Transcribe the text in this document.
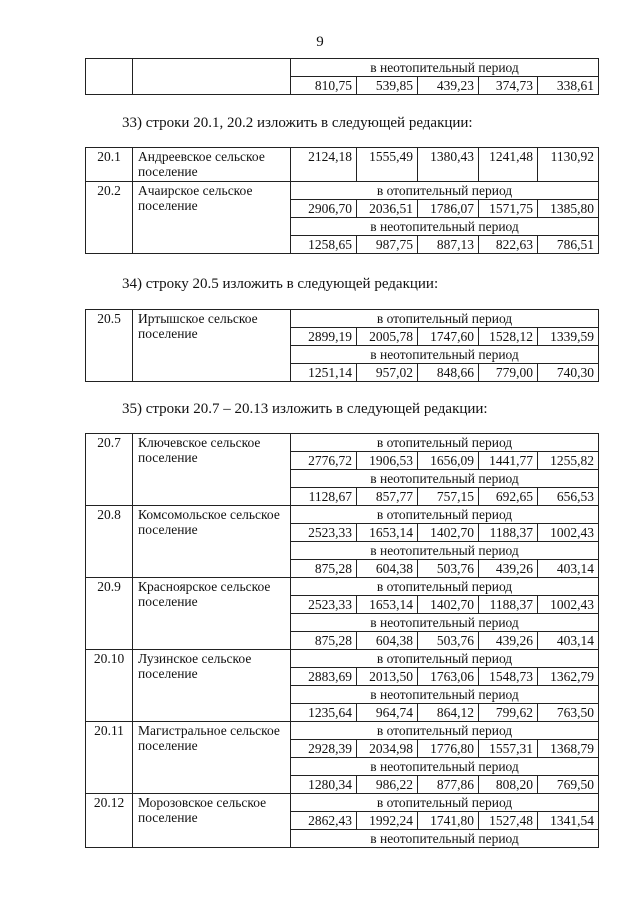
9
		в неотопительный период				
		810,75	539,85	439,23	374,73	338,61
33) строки 20.1, 20.2 изложить в следующей редакции:
20.1	Андреевское сельское поселение	2124,18	1555,49	1380,43	1241,48	1130,92
20.2	Ачаирское сельское поселение	в отопительный период				
		2906,70	2036,51	1786,07	1571,75	1385,80
		в неотопительный период				
		1258,65	987,75	887,13	822,63	786,51
34) строку 20.5 изложить в следующей редакции:
20.5	Иртышское сельское поселение	в отопительный период				
		2899,19	2005,78	1747,60	1528,12	1339,59
		в неотопительный период				
		1251,14	957,02	848,66	779,00	740,30
35) строки 20.7 – 20.13 изложить в следующей редакции:
20.7	Ключевское сельское поселение	в отопительный период				
		2776,72	1906,53	1656,09	1441,77	1255,82
		в неотопительный период				
		1128,67	857,77	757,15	692,65	656,53
20.8	Комсомольское сельское поселение	в отопительный период				
		2523,33	1653,14	1402,70	1188,37	1002,43
		в неотопительный период				
		875,28	604,38	503,76	439,26	403,14
20.9	Красноярское сельское поселение	в отопительный период				
		2523,33	1653,14	1402,70	1188,37	1002,43
		в неотопительный период				
		875,28	604,38	503,76	439,26	403,14
20.10	Лузинское сельское поселение	в отопительный период				
		2883,69	2013,50	1763,06	1548,73	1362,79
		в неотопительный период				
		1235,64	964,74	864,12	799,62	763,50
20.11	Магистральное сельское поселение	в отопительный период				
		2928,39	2034,98	1776,80	1557,31	1368,79
		в неотопительный период				
		1280,34	986,22	877,86	808,20	769,50
20.12	Морозовское сельское поселение	в отопительный период				
		2862,43	1992,24	1741,80	1527,48	1341,54
		в неотопительный период				
